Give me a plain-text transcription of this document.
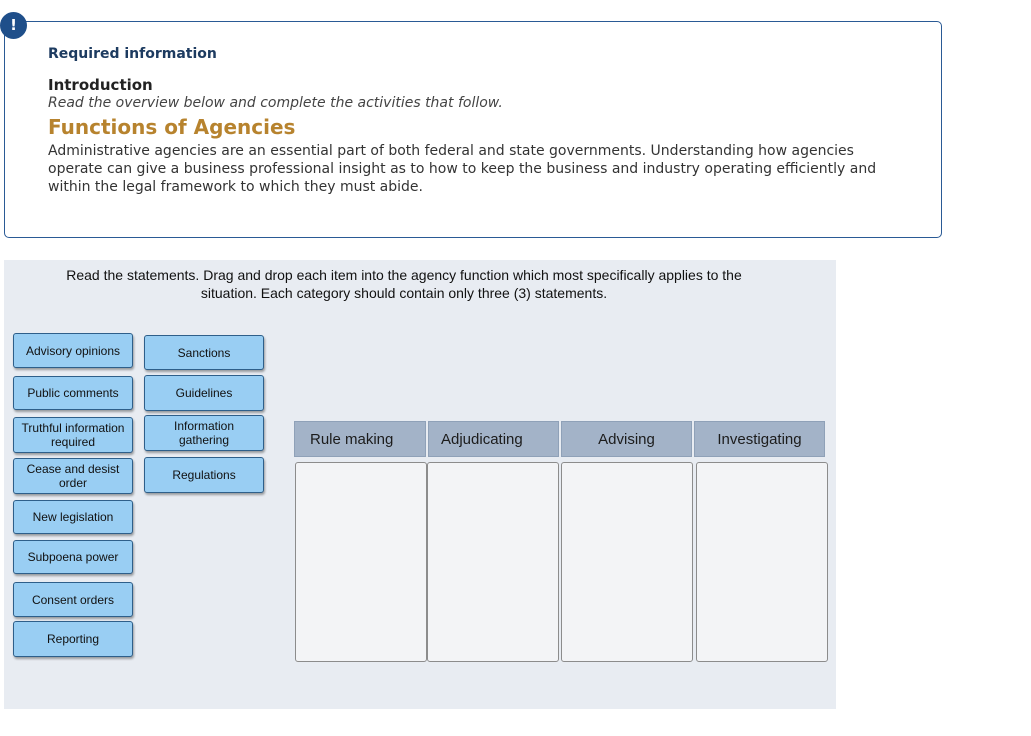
!
Required information
Introduction
Read the overview below and complete the activities that follow.
Functions of Agencies

Administrative agencies are an essential part of both federal and state governments. Understanding how agencies operate can give a business professional insight as to how to keep the business and industry operating efficiently and within the legal framework to which they must abide.

Read the statements. Drag and drop each item into the agency function which most specifically applies to the
situation. Each category should contain only three (3) statements.
Advisory opinions
Public comments
Truthful information required
Cease and desist order
New legislation
Subpoena power
Consent orders
Reporting
Sanctions
Guidelines
Information gathering
Regulations
Rule making	Adjudicating	Advising	Investigating
